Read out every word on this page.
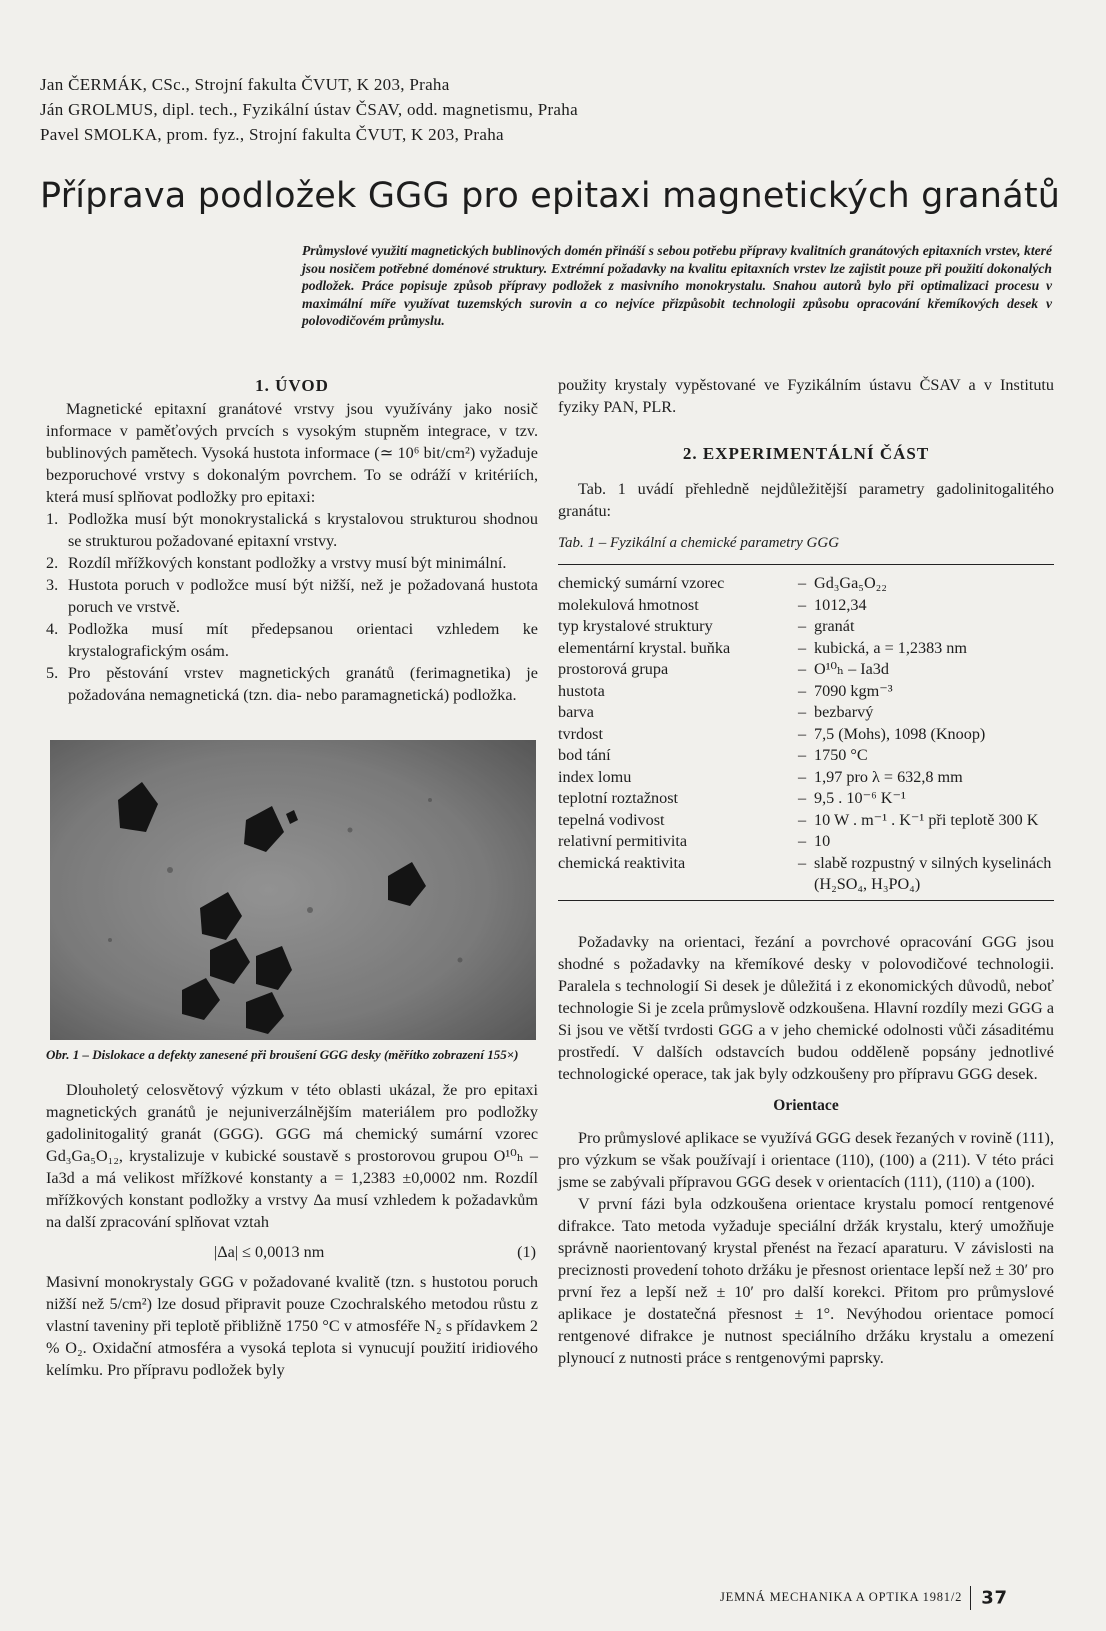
Jan ČERMÁK, CSc., Strojní fakulta ČVUT, K 203, Praha
Ján GROLMUS, dipl. tech., Fyzikální ústav ČSAV, odd. magnetismu, Praha
Pavel SMOLKA, prom. fyz., Strojní fakulta ČVUT, K 203, Praha
Příprava podložek GGG pro epitaxi magnetických granátů
Průmyslové využití magnetických bublinových domén přináší s sebou potřebu přípravy kvalitních granátových epitaxních vrstev, které jsou nosičem potřebné doménové struktury. Extrémní požadavky na kvalitu epitaxních vrstev lze zajistit pouze při použití dokonalých podložek. Práce popisuje způsob přípravy podložek z masivního monokrystalu. Snahou autorů bylo při optimalizaci procesu v maximální míře využívat tuzemských surovin a co nejvíce přizpůsobit technologii způsobu opracování křemíkových desek v polovodičovém průmyslu.
1. ÚVOD

Magnetické epitaxní granátové vrstvy jsou využívány jako nosič informace v paměťových prvcích s vysokým stupněm integrace, v tzv. bublinových pamětech. Vysoká hustota informace (≃ 10⁶ bit/cm²) vyžaduje bezporuchové vrstvy s dokonalým povrchem. To se odráží v kritériích, která musí splňovat podložky pro epitaxi:

1. Podložka musí být monokrystalická s krystalovou strukturou shodnou se strukturou požadované epitaxní vrstvy.
2. Rozdíl mřížkových konstant podložky a vrstvy musí být minimální.
3. Hustota poruch v podložce musí být nižší, než je požadovaná hustota poruch ve vrstvě.
4. Podložka musí mít předepsanou orientaci vzhledem ke krystalografickým osám.
5. Pro pěstování vrstev magnetických granátů (ferimagnetika) je požadována nemagnetická (tzn. dia- nebo paramagnetická) podložka.
Obr. 1 – Dislokace a defekty zanesené při broušení GGG desky (měřítko zobrazení 155×)

Dlouholetý celosvětový výzkum v této oblasti ukázal, že pro epitaxi magnetických granátů je nejuniverzálnějším materiálem pro podložky gadolinitogalitý granát (GGG). GGG má chemický sumární vzorec Gd₃Ga₅O₁₂, krystalizuje v kubické soustavě s prostorovou grupou O¹⁰ₕ – Ia3d a má velikost mřížkové konstanty a = 1,2383 ±0,0002 nm. Rozdíl mřížkových konstant podložky a vrstvy Δa musí vzhledem k požadavkům na další zpracování splňovat vztah

|Δa| ≤ 0,0013 nm	(1)

Masivní monokrystaly GGG v požadované kvalitě (tzn. s hustotou poruch nižší než 5/cm²) lze dosud připravit pouze Czochralského metodou růstu z vlastní taveniny při teplotě přibližně 1750 °C v atmosféře N₂ s přídavkem 2 % O₂. Oxidační atmosféra a vysoká teplota si vynucují použití iridiového kelímku. Pro přípravu podložek byly

použity krystaly vypěstované ve Fyzikálním ústavu ČSAV a v Institutu fyziky PAN, PLR.

2. EXPERIMENTÁLNÍ ČÁST

Tab. 1 uvádí přehledně nejdůležitější parametry gadolinitogalitého granátu:

Tab. 1 – Fyzikální a chemické parametry GGG
chemický sumární vzorec	–	Gd₃Ga₅O₂₂
molekulová hmotnost	–	1012,34
typ krystalové struktury	–	granát
elementární krystal. buňka	–	kubická, a = 1,2383 nm
prostorová grupa	–	O¹⁰ₕ – Ia3d
hustota	–	7090 kgm⁻³
barva	–	bezbarvý
tvrdost	–	7,5 (Mohs), 1098 (Knoop)
bod tání	–	1750 °C
index lomu	–	1,97 pro λ = 632,8 mm
teplotní roztažnost	–	9,5 . 10⁻⁶ K⁻¹
tepelná vodivost	–	10 W . m⁻¹ . K⁻¹ při teplotě 300 K
relativní permitivita	–	10
chemická reaktivita	–	slabě rozpustný v silných kyselinách (H₂SO₄, H₃PO₄)

Požadavky na orientaci, řezání a povrchové opracování GGG jsou shodné s požadavky na křemíkové desky v polovodičové technologii. Paralela s technologií Si desek je důležitá i z ekonomických důvodů, neboť technologie Si je zcela průmyslově odzkoušena. Hlavní rozdíly mezi GGG a Si jsou ve větší tvrdosti GGG a v jeho chemické odolnosti vůči zásaditému prostředí. V dalších odstavcích budou odděleně popsány jednotlivé technologické operace, tak jak byly odzkoušeny pro přípravu GGG desek.

Orientace

Pro průmyslové aplikace se využívá GGG desek řezaných v rovině (111), pro výzkum se však používají i orientace (110), (100) a (211). V této práci jsme se zabývali přípravou GGG desek v orientacích (111), (110) a (100).

V první fázi byla odzkoušena orientace krystalu pomocí rentgenové difrakce. Tato metoda vyžaduje speciální držák krystalu, který umožňuje správně naorientovaný krystal přenést na řezací aparaturu. V závislosti na preciznosti provedení tohoto držáku je přesnost orientace lepší než ± 30′ pro první řez a lepší než ± 10′ pro další korekci. Přitom pro průmyslové aplikace je dostatečná přesnost ± 1°. Nevýhodou orientace pomocí rentgenové difrakce je nutnost speciálního držáku krystalu a omezení plynoucí z nutnosti práce s rentgenovými paprsky.

JEMNÁ MECHANIKA A OPTIKA 1981/2 37
